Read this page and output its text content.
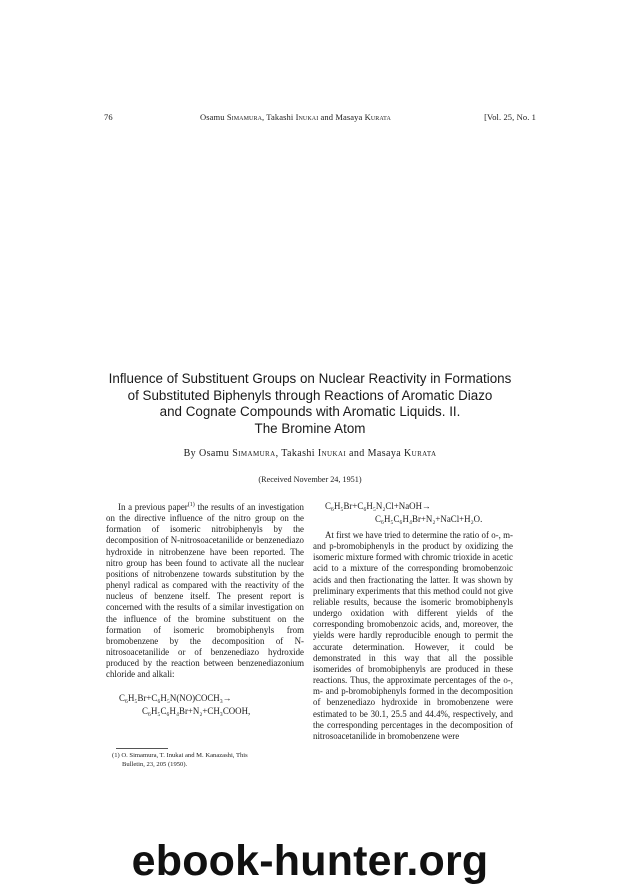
76	Osamu Simamura, Takashi Inukai and Masaya Kurata	[Vol. 25, No. 1
Influence of Substituent Groups on Nuclear Reactivity in Formations
of Substituted Biphenyls through Reactions of Aromatic Diazo
and Cognate Compounds with Aromatic Liquids. II.
The Bromine Atom
By Osamu Simamura, Takashi Inukai and Masaya Kurata
(Received November 24, 1951)

In a previous paper$^{(1)}$ the results of an investigation on the directive influence of the nitro group on the formation of isomeric nitrobiphenyls by the decomposition of N-nitrosoacetanilide or benzenediazo hydroxide in nitrobenzene have been reported. The nitro group has been found to activate all the nuclear positions of nitrobenzene towards substitution by the phenyl radical as compared with the reactivity of the nucleus of benzene itself. The present report is concerned with the results of a similar investigation on the influence of the bromine substituent on the formation of isomeric bromobiphenyls from bromobenzene by the decomposition of N-nitrosoacetanilide or of benzenediazo hydroxide produced by the reaction between benzenediazonium chloride and alkali:

C₆H₅Br+C₆H₅N(NO)COCH₃→
C₆H₅C₆H₄Br+N₂+CH₃COOH,
C₆H₅Br+C₆H₅N₂Cl+NaOH→
C₆H₅C₆H₄Br+N₂+NaCl+H₂O.

At first we have tried to determine the ratio of o-, m- and p-bromobiphenyls in the product by oxidizing the isomeric mixture formed with chromic trioxide in acetic acid to a mixture of the corresponding bromobenzoic acids and then fractionating the latter. It was shown by preliminary experiments that this method could not give reliable results, because the isomeric bromobiphenyls undergo oxidation with different yields of the corresponding bromobenzoic acids, and, moreover, the yields were hardly reproducible enough to permit the accurate determination. However, it could be demonstrated in this way that all the possible isomerides of bromobiphenyls are produced in these reactions. Thus, the approximate percentages of the o-, m- and p-bromobiphenyls formed in the decomposition of benzenediazo hydroxide in bromobenzene were estimated to be 30.1, 25.5 and 44.4%, respectively, and the corresponding percentages in the decomposition of nitrosoacetanilide in bromobenzene were

(1) O. Simamura, T. Inukai and M. Kanazashi, This
Bulletin, 23, 205 (1950).
ebook-hunter.org
